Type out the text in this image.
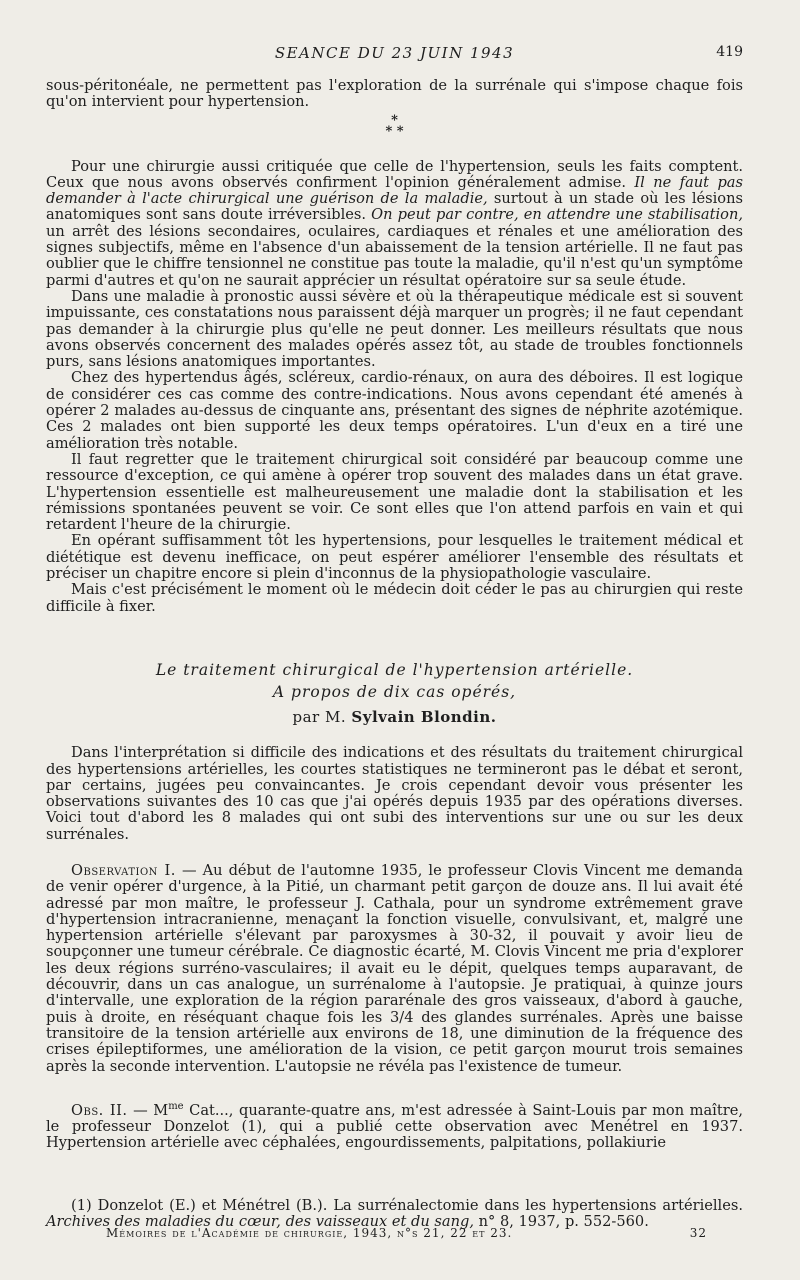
SEANCE DU 23 JUIN 1943	419

sous-péritonéale, ne permettent pas l'exploration de la surrénale qui s'impose chaque fois qu'on intervient pour hypertension.

*
* *

Pour une chirurgie aussi critiquée que celle de l'hypertension, seuls les faits comptent. Ceux que nous avons observés confirment l'opinion généralement admise. Il ne faut pas demander à l'acte chirurgical une guérison de la maladie, surtout à un stade où les lésions anatomiques sont sans doute irréversibles. On peut par contre, en attendre une stabilisation, un arrêt des lésions secondaires, oculaires, cardiaques et rénales et une amélioration des signes subjectifs, même en l'absence d'un abaissement de la tension artérielle. Il ne faut pas oublier que le chiffre tensionnel ne constitue pas toute la maladie, qu'il n'est qu'un symptôme parmi d'autres et qu'on ne saurait apprécier un résultat opératoire sur sa seule étude.

Dans une maladie à pronostic aussi sévère et où la thérapeutique médicale est si souvent impuissante, ces constatations nous paraissent déjà marquer un progrès; il ne faut cependant pas demander à la chirurgie plus qu'elle ne peut donner. Les meilleurs résultats que nous avons observés concernent des malades opérés assez tôt, au stade de troubles fonctionnels purs, sans lésions anatomiques importantes.

Chez des hypertendus âgés, scléreux, cardio-rénaux, on aura des déboires. Il est logique de considérer ces cas comme des contre-indications. Nous avons cependant été amenés à opérer 2 malades au-dessus de cinquante ans, présentant des signes de néphrite azotémique. Ces 2 malades ont bien supporté les deux temps opératoires. L'un d'eux en a tiré une amélioration très notable.

Il faut regretter que le traitement chirurgical soit considéré par beaucoup comme une ressource d'exception, ce qui amène à opérer trop souvent des malades dans un état grave. L'hypertension essentielle est malheureusement une maladie dont la stabilisation et les rémissions spontanées peuvent se voir. Ce sont elles que l'on attend parfois en vain et qui retardent l'heure de la chirurgie.

En opérant suffisamment tôt les hypertensions, pour lesquelles le traitement médical et diététique est devenu inefficace, on peut espérer améliorer l'ensemble des résultats et préciser un chapitre encore si plein d'inconnus de la physiopathologie vasculaire.

Mais c'est précisément le moment où le médecin doit céder le pas au chirurgien qui reste difficile à fixer.

Le traitement chirurgical de l'hypertension artérielle.
A propos de dix cas opérés,
par M. Sylvain Blondin.

Dans l'interprétation si difficile des indications et des résultats du traitement chirurgical des hypertensions artérielles, les courtes statistiques ne termineront pas le débat et seront, par certains, jugées peu convaincantes. Je crois cependant devoir vous présenter les observations suivantes des 10 cas que j'ai opérés depuis 1935 par des opérations diverses. Voici tout d'abord les 8 malades qui ont subi des interventions sur une ou sur les deux surrénales.

Observation I. — Au début de l'automne 1935, le professeur Clovis Vincent me demanda de venir opérer d'urgence, à la Pitié, un charmant petit garçon de douze ans. Il lui avait été adressé par mon maître, le professeur J. Cathala, pour un syndrome extrêmement grave d'hypertension intracranienne, menaçant la fonction visuelle, convulsivant, et, malgré une hypertension artérielle s'élevant par paroxysmes à 30-32, il pouvait y avoir lieu de soupçonner une tumeur cérébrale. Ce diagnostic écarté, M. Clovis Vincent me pria d'explorer les deux régions surréno-vasculaires; il avait eu le dépit, quelques temps auparavant, de découvrir, dans un cas analogue, un surrénalome à l'autopsie. Je pratiquai, à quinze jours d'intervalle, une exploration de la région pararénale des gros vaisseaux, d'abord à gauche, puis à droite, en réséquant chaque fois les 3/4 des glandes surrénales. Après une baisse transitoire de la tension artérielle aux environs de 18, une diminution de la fréquence des crises épileptiformes, une amélioration de la vision, ce petit garçon mourut trois semaines après la seconde intervention. L'autopsie ne révéla pas l'existence de tumeur.

Obs. II. — $M^{me}$ Cat..., quarante-quatre ans, m'est adressée à Saint-Louis par mon maître, le professeur Donzelot (1), qui a publié cette observation avec Menétrel en 1937. Hypertension artérielle avec céphalées, engourdissements, palpitations, pollakiurie

(1) Donzelot (E.) et Ménétrel (B.). La surrénalectomie dans les hypertensions artérielles. Archives des maladies du cœur, des vaisseaux et du sang, n° 8, 1937, p. 552-560.

Mémoires de l'Académie de chirurgie, 1943, n°s 21, 22 et 23.	32
